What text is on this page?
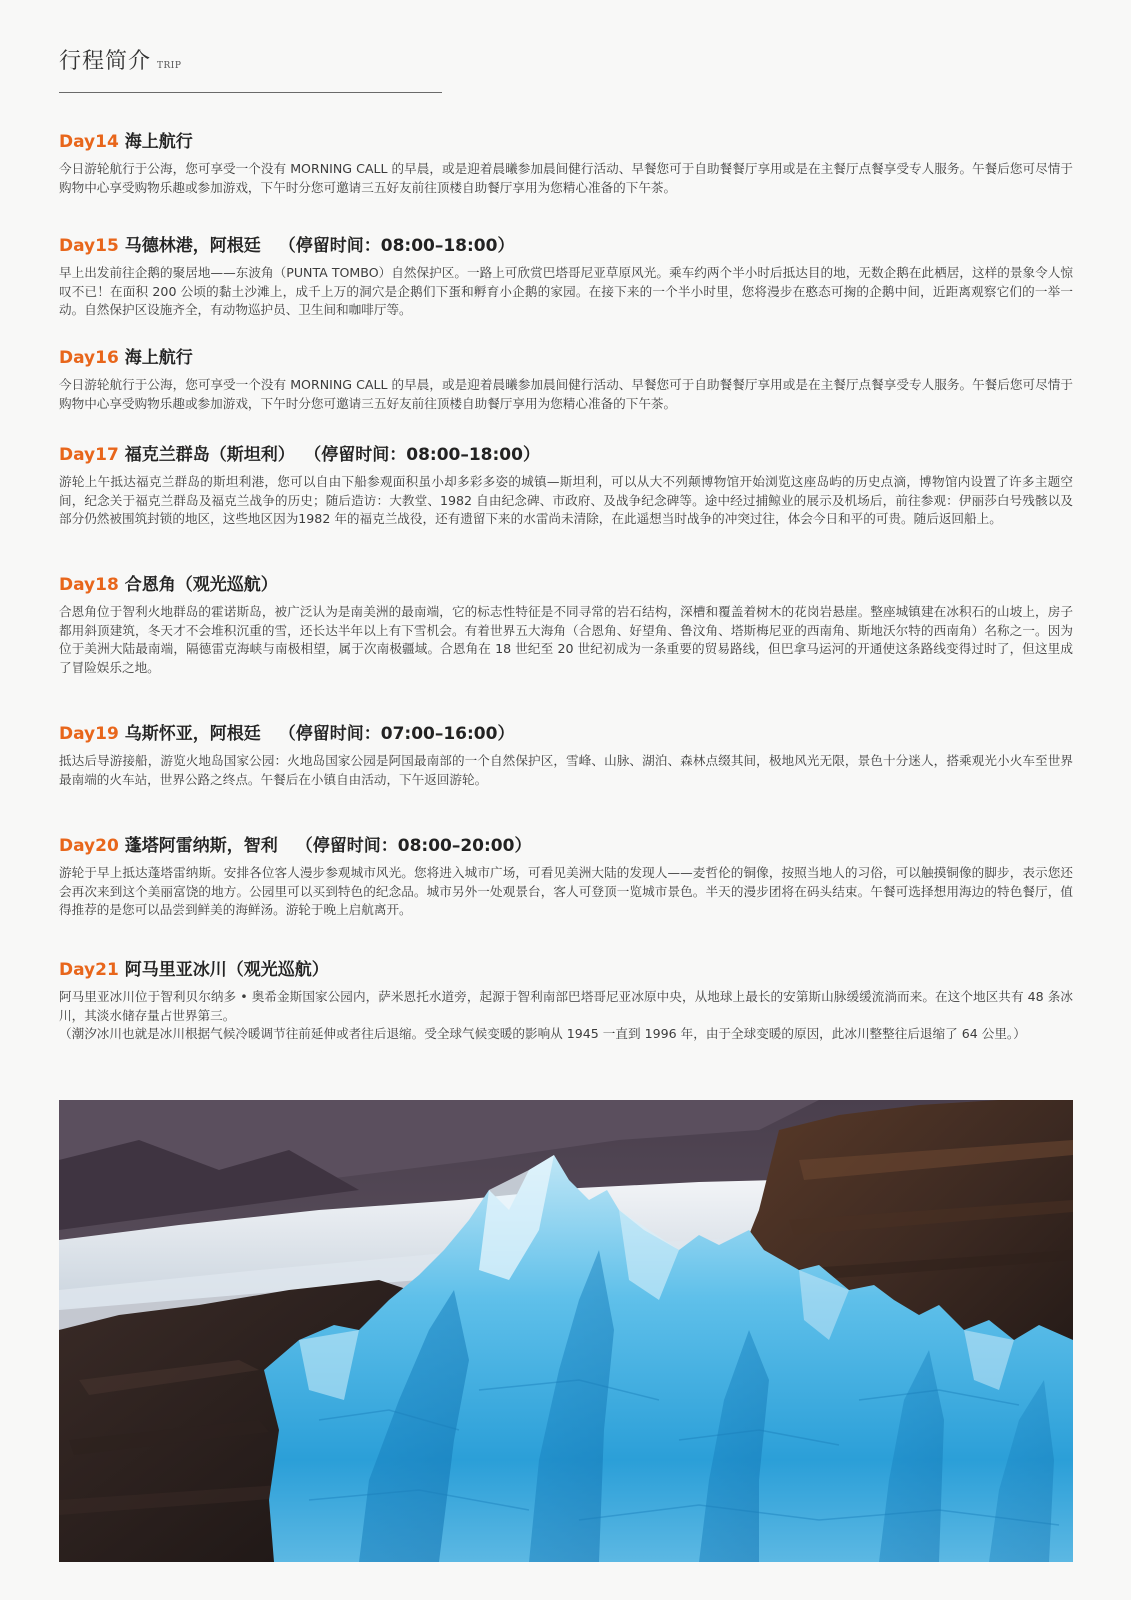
行程简介 TRIP
Day14 海上航行

今日游轮航行于公海，您可享受一个没有 MORNING CALL 的早晨，或是迎着晨曦参加晨间健行活动、早餐您可于自助餐餐厅享用或是在主餐厅点餐享受专人服务。午餐后您可尽情于购物中心享受购物乐趣或参加游戏，下午时分您可邀请三五好友前往顶楼自助餐厅享用为您精心准备的下午茶。

Day15 马德林港，阿根廷 （停留时间：08:00–18:00）

早上出发前往企鹅的聚居地——东波角（PUNTA TOMBO）自然保护区。一路上可欣赏巴塔哥尼亚草原风光。乘车约两个半小时后抵达目的地，无数企鹅在此栖居，这样的景象令人惊叹不已！在面积 200 公顷的黏土沙滩上，成千上万的洞穴是企鹅们下蛋和孵育小企鹅的家园。在接下来的一个半小时里，您将漫步在憨态可掬的企鹅中间，近距离观察它们的一举一动。自然保护区设施齐全，有动物巡护员、卫生间和咖啡厅等。

Day16 海上航行

今日游轮航行于公海，您可享受一个没有 MORNING CALL 的早晨，或是迎着晨曦参加晨间健行活动、早餐您可于自助餐餐厅享用或是在主餐厅点餐享受专人服务。午餐后您可尽情于购物中心享受购物乐趣或参加游戏，下午时分您可邀请三五好友前往顶楼自助餐厅享用为您精心准备的下午茶。

Day17 福克兰群岛（斯坦利） （停留时间：08:00–18:00）

游轮上午抵达福克兰群岛的斯坦利港，您可以自由下船参观面积虽小却多彩多姿的城镇—斯坦利，可以从大不列颠博物馆开始浏览这座岛屿的历史点滴，博物馆内设置了许多主题空间，纪念关于福克兰群岛及福克兰战争的历史；随后造访：大教堂、1982 自由纪念碑、市政府、及战争纪念碑等。途中经过捕鲸业的展示及机场后，前往参观：伊丽莎白号残骸以及部分仍然被围筑封锁的地区，这些地区因为1982 年的福克兰战役，还有遗留下来的水雷尚未清除，在此遥想当时战争的冲突过往，体会今日和平的可贵。随后返回船上。

Day18 合恩角（观光巡航）

合恩角位于智利火地群岛的霍诺斯岛，被广泛认为是南美洲的最南端，它的标志性特征是不同寻常的岩石结构，深槽和覆盖着树木的花岗岩悬崖。整座城镇建在冰积石的山坡上，房子都用斜顶建筑，冬天才不会堆积沉重的雪，还长达半年以上有下雪机会。有着世界五大海角（合恩角、好望角、鲁汶角、塔斯梅尼亚的西南角、斯地沃尔特的西南角）名称之一。因为位于美洲大陆最南端，隔德雷克海峡与南极相望，属于次南极疆域。合恩角在 18 世纪至 20 世纪初成为一条重要的贸易路线，但巴拿马运河的开通使这条路线变得过时了，但这里成了冒险娱乐之地。

Day19 乌斯怀亚，阿根廷 （停留时间：07:00–16:00）

抵达后导游接船，游览火地岛国家公园：火地岛国家公园是阿国最南部的一个自然保护区，雪峰、山脉、湖泊、森林点缀其间，极地风光无限，景色十分迷人，搭乘观光小火车至世界最南端的火车站，世界公路之终点。午餐后在小镇自由活动，下午返回游轮。

Day20 蓬塔阿雷纳斯，智利 （停留时间：08:00–20:00）

游轮于早上抵达蓬塔雷纳斯。安排各位客人漫步参观城市风光。您将进入城市广场，可看见美洲大陆的发现人——麦哲伦的铜像，按照当地人的习俗，可以触摸铜像的脚步，表示您还会再次来到这个美丽富饶的地方。公园里可以买到特色的纪念品。城市另外一处观景台，客人可登顶一览城市景色。半天的漫步团将在码头结束。午餐可选择想用海边的特色餐厅，值得推荐的是您可以品尝到鲜美的海鲜汤。游轮于晚上启航离开。

Day21 阿马里亚冰川（观光巡航）

阿马里亚冰川位于智利贝尔纳多 • 奥希金斯国家公园内，萨米恩托水道旁，起源于智利南部巴塔哥尼亚冰原中央，从地球上最长的安第斯山脉缓缓流淌而来。在这个地区共有 48 条冰川，其淡水储存量占世界第三。

（潮汐冰川也就是冰川根据气候冷暖调节往前延伸或者往后退缩。受全球气候变暖的影响从 1945 一直到 1996 年，由于全球变暖的原因，此冰川整整往后退缩了 64 公里。）
